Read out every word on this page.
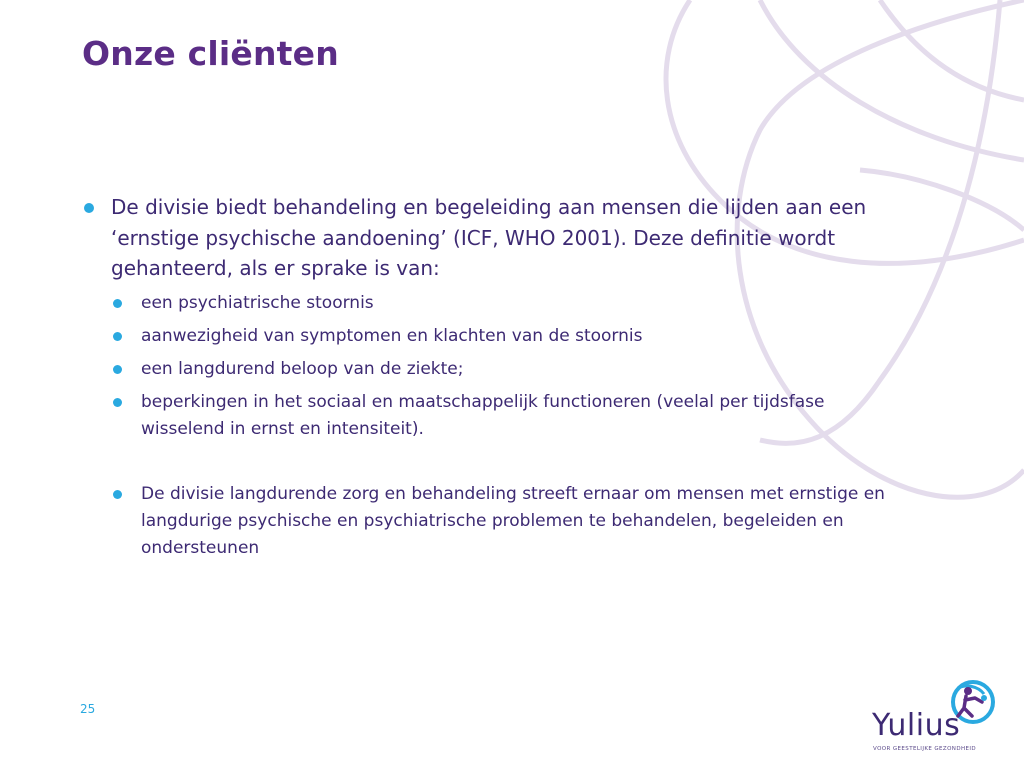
Onze cliënten
De divisie biedt behandeling en begeleiding aan mensen die lijden aan een ‘ernstige psychische aandoening’ (ICF, WHO 2001). Deze definitie wordt gehanteerd, als er sprake is van:
een psychiatrische stoornis
aanwezigheid van symptomen en klachten van de stoornis
een langdurend beloop van de ziekte;
beperkingen in het sociaal en maatschappelijk functioneren (veelal per tijdsfase wisselend in ernst en intensiteit).
De divisie langdurende zorg en behandeling streeft ernaar om mensen met ernstige en langdurige psychische en psychiatrische problemen te behandelen, begeleiden en ondersteunen
25	Yulius
VOOR GEESTELIJKE GEZONDHEID
